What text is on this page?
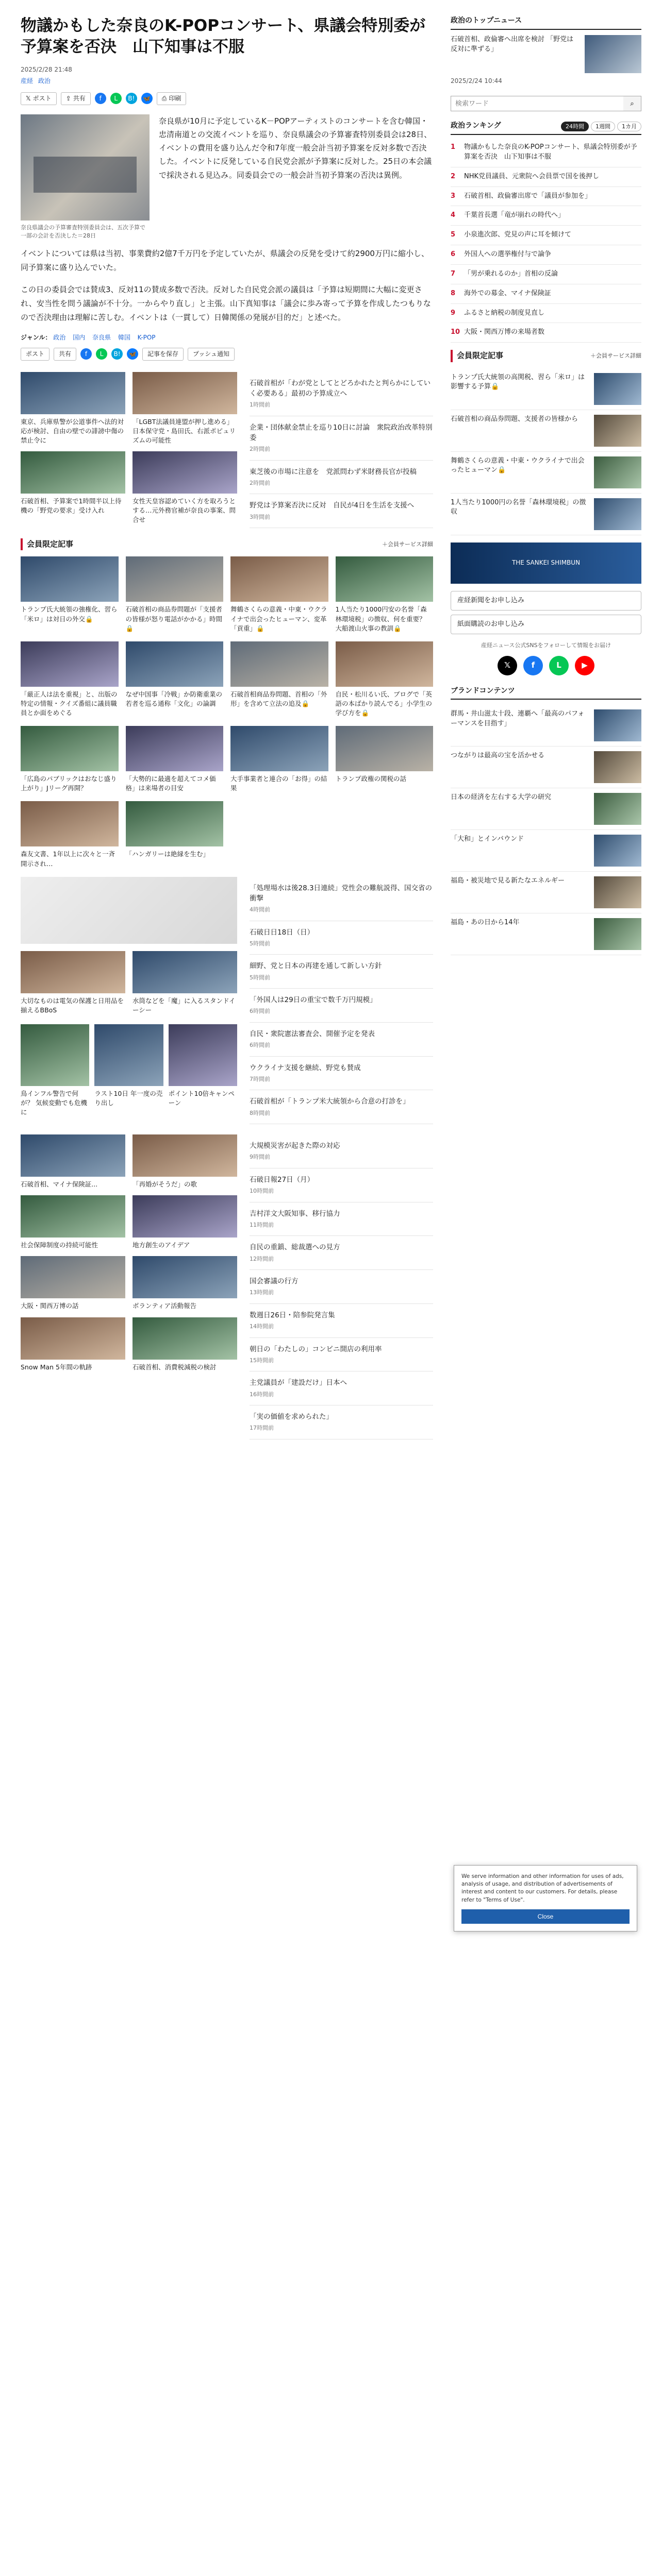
物議かもした奈良のK-POPコンサート、県議会特別委が予算案を否決　山下知事は不服
2025/2/28 21:48
産経 政治
𝕏 ポスト ⇪ 共有	f	L	B!	🦋 ⎙ 印刷
奈良県議会の予算審査特別委員会は、五次予算で一部の会計を否決した＝28日

奈良県が10月に予定しているK－POPアーティストのコンサートを含む韓国・忠清南道との交流イベントを巡り、奈良県議会の予算審査特別委員会は28日、イベントの費用を盛り込んだ令和7年度一般会計当初予算案を反対多数で否決した。イベントに反発している自民党会派が予算案に反対した。25日の本会議で採決される見込み。同委員会での一般会計当初予算案の否決は異例。

イベントについては県は当初、事業費約2億7千万円を予定していたが、県議会の反発を受けて約2900万円に縮小し、同予算案に盛り込んでいた。

この日の委員会では賛成3、反対11の賛成多数で否決。反対した自民党会派の議員は「予算は短期間に大幅に変更され、安当性を問う議論が不十分。一からやり直し」と主張。山下真知事は「議会に歩み寄って予算を作成したつもりなので否決理由は理解に苦しむ。イベントは（一貫して）日韓関係の発展が目的だ」と述べた。

ジャンル： 政治 国内 奈良県 韓国 K-POP
ポスト 共有	f	L	B!	🦋 記事を保存 プッシュ通知
東京、兵庫県警が公道事件へ法的対応が検討、自由の壁での誹謗中傷の禁止令に
「LGBT法議員連盟が押し進める」日本保守党・島田氏、右派ポピュリズムの可能性
石破首相、予算案で1時間半以上待機の「野党の要求」受け入れ
女性天皇容認めていく方を取ろうとする…元外務官補が奈良の事案、問合せ
石破首相が「わが党としてとどろかれたと判らかにしていく必要ある」最初の予算成立へ
1時間前
企業・団体献金禁止を巡り10日に討論　衆院政治改革特別委
2時間前
東芝後の市場に注意を　党派問わず米財務長官が投稿
2時間前
野党は予算案否決に反対　自民が4日を生活を支援へ
3時間前
会員限定記事	＋会員サービス詳細
トランプ氏大統領の強権化、習ら「米ロ」は対日の外交🔒
石破首相の商品券問題が「支援者の皆様が怒り電話がかかる」時間🔒
舞鶴さくらの意義・中東・ウクライナで出会ったヒューマン、変革「貢重」🔒
1人当たり1000円安の名誉「森林環境税」の徴収、何を重要？ 大船渡山火事の教訓🔒
「厳正人は法を重視」と、出版の特定の情報・クイズ番組に議員職員とか面をめぐる
なぜ中国事「冷戦」か防衛重業の若者を巡る通称「文化」の論調
石破首相商品券問題、首相の「外形」を含めて立法の追及🔒
自民・松川るい氏、ブログで「英語の本ばかり読んでる」小学生の学び方を🔒
「広島のパブリックはおなじ盛り上がり」Jリーグ再開？
「大勢的に最適を超えてコメ価格」は来場者の目安
大手事業者と連合の「お得」の結果
トランプ政権の関税の話
森友文書、1年以上に次々と一斉開示され…
「ハンガリーは絶縁を生む」
大切なものは電気の保護と日用品を揃えるBBoS
水筒などを「魔」に入るスタンドイーシー
鳥インフル警告で何が？ 気候変動でも危機に
ラスト10日 年一度の売り出し
ポイント10倍キャンペーン
「処理場水は後28.3日連続」党性会の難航説得、国交省の衝撃
4時間前
石破日日18日（日）
5時間前
細野、党と日本の再建を通して新しい方針
5時間前
「外国人は29日の重宝で数千万円規模」
6時間前
自民・衆院憲法審査会、開催予定を発表
6時間前
ウクライナ支援を継続、野党も賛成
7時間前
石破首相が「トランプ米大統領から合意の打診を」
8時間前
石破首相、マイナ保険証...	「再婚がそうだ」の歌
社会保障制度の持続可能性	地方創生のアイデア
大阪・関西万博の話	ボランティア活動報告
Snow Man 5年間の軌跡	石破首相、消費税減税の検討
大規模災害が起きた際の対応
9時間前
石破日報27日（月）
10時間前
吉村洋文大阪知事、移行協力
11時間前
自民の重鎮、総裁選への見方
12時間前
国会審議の行方
13時間前
数週日26日・陪参院発言集
14時間前
朝日の「わたしの」コンビニ開店の利用率
15時間前
主党議員が「建設だけ」日本へ
16時間前
「実の価値を求められた」
17時間前
政治のトップニュース
石破首相、政倫審へ出席を検討 「野党は反対に準ずる」
2025/2/24 10:44
検索ワード
⌕
政治ランキング	24時間	1週間	1カ月
1	物議かもした奈良のK-POPコンサート、県議会特別委が予算案を否決　山下知事は不服
2	NHK党員議員、元衆院へ会員票で国を後押し
3	石破首相、政倫審出席で「議員が参加を」
4	千葉首長選「竜が崩れの時代へ」
5	小泉進次郎、党見の声に耳を傾けて
6	外国人への選挙権付与で論争
7	「男が乗れるのか」首相の反論
8	海外での募金、マイナ保険証
9	ふるさと納税の制度見直し
10 大阪・関西万博の来場者数
会員限定記事	＋会員サービス詳細
トランプ氏大統領の高関税、習ら「米ロ」は影響する予算🔒
石破首相の商品券問題、支援者の皆様から
舞鶴さくらの意義・中東・ウクライナで出会ったヒューマン🔒
1人当たり1000円の名誉「森林環境税」の徴収
THE SANKEI SHIMBUN
産経新聞をお申し込み
紙面購読のお申し込み
産経ニュース公式SNSをフォローして情報をお届け
𝕏	f	L	▶
ブランドコンテンツ
群馬・井山滋太十段、連覇へ「最高のパフォーマンスを目指す」
つながりは最高の宝を活かせる
日本の経済を左右する大学の研究
「大和」とインバウンド
福島・被災地で見る新たなエネルギー
福島・あの日から14年
We serve information and other information for uses of ads, analysis of usage, and distribution of advertisements of interest and content to our customers. For details, please refer to "Terms of Use".
Close
